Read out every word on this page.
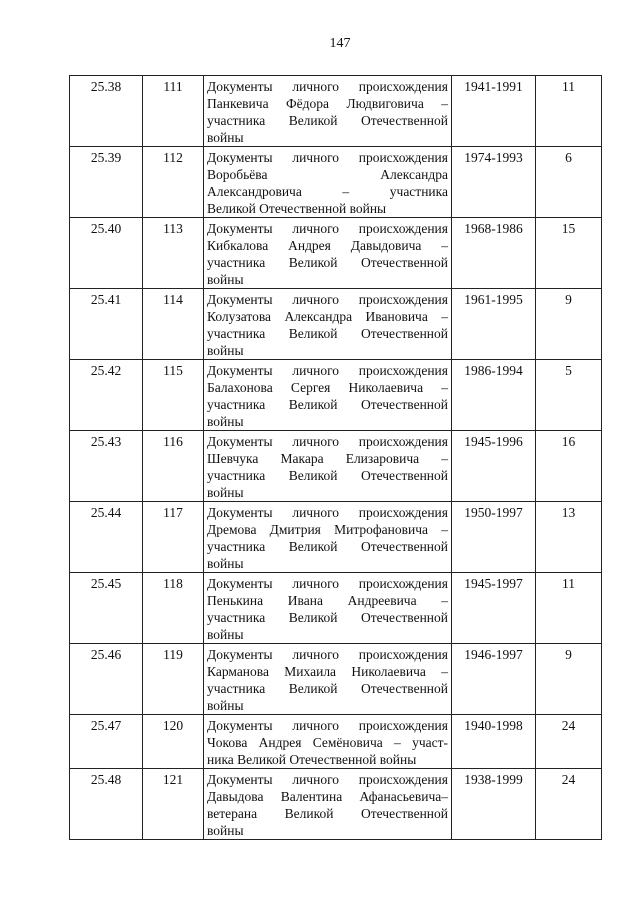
147
25.38	111	Документы личного происхождения
Панкевича Фёдора Людвиговича –
участника Великой Отечественной
войны	1941-1991	11
25.39	112	Документы личного происхождения
Воробьёва Александра
Александровича – участника
Великой Отечественной войны	1974-1993	6
25.40	113	Документы личного происхождения
Кибкалова Андрея Давыдовича –
участника Великой Отечественной
войны	1968-1986	15
25.41	114	Документы личного происхождения
Колузатова Александра Ивановича –
участника Великой Отечественной
войны	1961-1995	9
25.42	115	Документы личного происхождения
Балахонова Сергея Николаевича –
участника Великой Отечественной
войны	1986-1994	5
25.43	116	Документы личного происхождения
Шевчука Макара Елизаровича –
участника Великой Отечественной
войны	1945-1996	16
25.44	117	Документы личного происхождения
Дремова Дмитрия Митрофановича –
участника Великой Отечественной
войны	1950-1997	13
25.45	118	Документы личного происхождения
Пенькина Ивана Андреевича –
участника Великой Отечественной
войны	1945-1997	11
25.46	119	Документы личного происхождения
Карманова Михаила Николаевича –
участника Великой Отечественной
войны	1946-1997	9
25.47	120	Документы личного происхождения
Чокова Андрея Семёновича – участ-
ника Великой Отечественной войны	1940-1998	24
25.48	121	Документы личного происхождения
Давыдова Валентина Афанасьевича–
ветерана Великой Отечественной
войны	1938-1999	24
